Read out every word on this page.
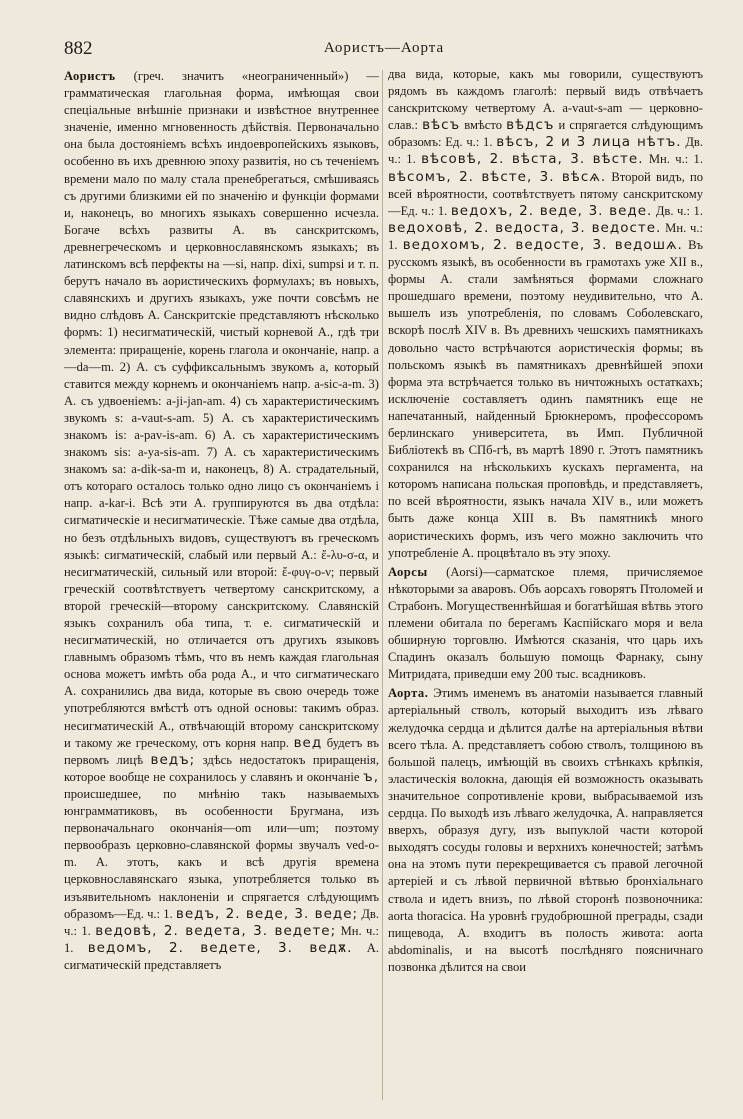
882	Аористъ—Аорта

Аористъ (греч. значитъ «неограниченный») — грамматическая глагольная форма, имѣющая свои спеціальные внѣшніе признаки и извѣстное внутреннее значеніе, именно мгновенность дѣйствія. Первоначально она была достояніемъ всѣхъ индоевропейскихъ языковъ, особенно въ ихъ древнюю эпоху развитія, но съ теченіемъ времени мало по малу стала пренебрегаться, смѣшиваясь съ другими близкими ей по значенію и функціи формами и, наконецъ, во многихъ языкахъ совершенно исчезла. Богаче всѣхъ развиты А. въ санскритскомъ, древнегреческомъ и церковнославянскомъ языкахъ; въ латинскомъ всѣ перфекты на —si, напр. dixi, sumpsi и т. п. берутъ начало въ аористическихъ формулахъ; въ новыхъ, славянскихъ и другихъ языкахъ, уже почти совсѣмъ не видно слѣдовъ А. Санскритскіе представляютъ нѣсколько формъ: 1) несигматическій, чистый корневой А., гдѣ три элемента: приращеніе, корень глагола и окончаніе, напр. a—da—m. 2) А. съ суффиксальнымъ звукомъ a, который ставится между корнемъ и окончаніемъ напр. a-sic-a-m. 3) А. съ удвоеніемъ: a-ji-jan-am. 4) съ характеристическимъ звукомъ s: a-vaut-s-am. 5) А. съ характеристическимъ знакомъ is: a-pav-is-am. 6) А. съ характеристическимъ знакомъ sis: a-ya-sis-am. 7) А. съ характеристическимъ знакомъ sa: a-dik-sa-m и, наконецъ, 8) А. страдательный, отъ котораго осталось только одно лицо съ окончаніемъ i напр. a-kar-i. Всѣ эти А. группируются въ два отдѣла: сигматическіе и несигматическіе. Тѣже самые два отдѣла, но безъ отдѣльныхъ видовъ, существуютъ въ греческомъ языкѣ: сигматическій, слабый или первый А.: ἔ-λυ-σ-α, и несигматическій, сильный или второй: ἔ-φυγ-ο-ν; первый греческій соотвѣтствуетъ четвертому санскритскому, а второй греческій—второму санскритскому. Славянскій языкъ сохранилъ оба типа, т. е. сигматическій и несигматическій, но отличается отъ другихъ языковъ главнымъ образомъ тѣмъ, что въ немъ каждая глагольная основа можетъ имѣть оба рода А., и что сигматическаго А. сохранились два вида, которые въ свою очередь тоже употребляются вмѣстѣ отъ одной основы: такимъ образ. несигматическій А., отвѣчающій второму санскритскому и такому же греческому, отъ корня напр. вед будетъ въ первомъ лицѣ ведъ; здѣсь недостатокъ приращенія, которое вообще не сохранилось у славянъ и окончаніе ъ, происшедшее, по мнѣнію такъ называемыхъ юнграмматиковъ, въ особенности Бругмана, изъ первоначальнаго окончанія—om или—um; поэтому первообразъ церковно-славянской формы звучалъ ved-o-m. А. этотъ, какъ и всѣ другія времена церковнославянскаго языка, употребляется только въ изъявительномъ наклоненіи и спрягается слѣдующимъ образомъ—Ед. ч.: 1. ведъ, 2. веде, 3. веде; Дв. ч.: 1. ведовѣ, 2. ведета, 3. ведете; Мн. ч.: 1. ведомъ, 2. ведете, 3. ведѫ. А. сигматическій представляетъ

два вида, которые, какъ мы говорили, существуютъ рядомъ въ каждомъ глаголѣ: первый видъ отвѣчаетъ санскритскому четвертому А. a-vaut-s-am — церковно-слав.: вѣсъ вмѣсто вѣдсъ и спрягается слѣдующимъ образомъ: Ед. ч.: 1. вѣсъ, 2 и 3 лица нѣтъ. Дв. ч.: 1. вѣсовѣ, 2. вѣста, 3. вѣсте. Мн. ч.: 1. вѣсомъ, 2. вѣсте, 3. вѣсѧ. Второй видъ, по всей вѣроятности, соотвѣтствуетъ пятому санскритскому—Ед. ч.: 1. ведохъ, 2. веде, 3. веде. Дв. ч.: 1. ведоховѣ, 2. ведоста, 3. ведосте. Мн. ч.: 1. ведохомъ, 2. ведосте, 3. ведошѧ. Въ русскомъ языкѣ, въ особенности въ грамотахъ уже XII в., формы А. стали замѣняться формами сложнаго прошедшаго времени, поэтому неудивительно, что А. вышелъ изъ употребленія, по словамъ Соболевскаго, вскорѣ послѣ XIV в. Въ древнихъ чешскихъ памятникахъ довольно часто встрѣчаются аористическія формы; въ польскомъ языкѣ въ памятникахъ древнѣйшей эпохи форма эта встрѣчается только въ ничтожныхъ остаткахъ; исключеніе составляетъ одинъ памятникъ еще не напечатанный, найденный Брюкнеромъ, профессоромъ берлинскаго университета, въ Имп. Публичной Библіотекѣ въ СПб-гѣ, въ мартѣ 1890 г. Этотъ памятникъ сохранился на нѣсколькихъ кускахъ пергамента, на которомъ написана польская проповѣдь, и представляетъ, по всей вѣроятности, языкъ начала XIV в., или можетъ быть даже конца XIII в. Въ памятникѣ много аористическихъ формъ, изъ чего можно заключить что употребленіе А. процвѣтало въ эту эпоху.

Аорсы (Aorsi)—сарматское племя, причисляемое нѣкоторыми за аваровъ. Объ аорсахъ говорятъ Птоломей и Страбонъ. Могущественнѣйшая и богатѣйшая вѣтвь этого племени обитала по берегамъ Каспійскаго моря и вела обширную торговлю. Имѣются сказанія, что царь ихъ Спадинъ оказалъ большую помощь Фарнаку, сыну Митридата, приведши ему 200 тыс. всадниковъ.

Аорта. Этимъ именемъ въ анатоміи называется главный артеріальный стволъ, который выходитъ изъ лѣваго желудочка сердца и дѣлится далѣе на артеріальныя вѣтви всего тѣла. А. представляетъ собою стволъ, толщиною въ большой палецъ, имѣющій въ своихъ стѣнкахъ крѣпкія, эластическія волокна, дающія ей возможность оказывать значительное сопротивленіе крови, выбрасываемой изъ сердца. По выходѣ изъ лѣваго желудочка, А. направляется вверхъ, образуя дугу, изъ выпуклой части которой выходятъ сосуды головы и верхнихъ конечностей; затѣмъ она на этомъ пути перекрещивается съ правой легочной артеріей и съ лѣвой первичной вѣтвью бронхіальнаго ствола и идетъ внизъ, по лѣвой сторонѣ позвоночника: aorta thoracica. На уровнѣ грудобрюшной преграды, сзади пищевода, А. входитъ въ полость живота: aorta abdominalis, и на высотѣ послѣдняго поясничнаго позвонка дѣлится на свои
